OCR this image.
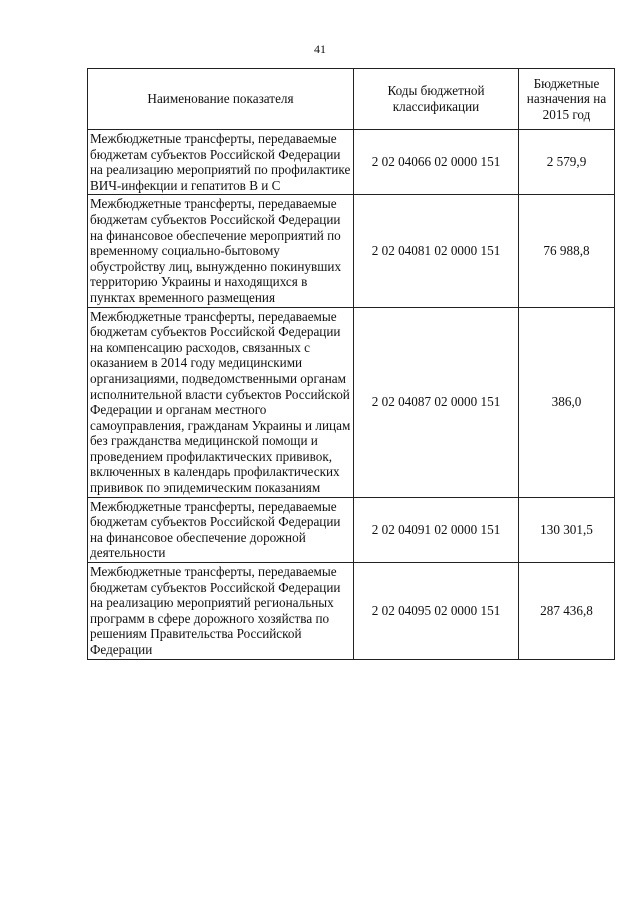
41
Наименование показателя	Коды бюджетной классификации	Бюджетные назначения на 2015 год
Межбюджетные трансферты, передаваемые бюджетам субъектов Российской Федерации на реализацию мероприятий по профилактике ВИЧ-инфекции и гепатитов B и C	2 02 04066 02 0000 151	2 579,9
Межбюджетные трансферты, передаваемые бюджетам субъектов Российской Федерации на финансовое обеспечение мероприятий по временному социально-бытовому обустройству лиц, вынужденно покинувших территорию Украины и находящихся в пунктах временного размещения	2 02 04081 02 0000 151	76 988,8
Межбюджетные трансферты, передаваемые бюджетам субъектов Российской Федерации на компенсацию расходов, связанных с оказанием в 2014 году медицинскими организациями, подведомственными органам исполнительной власти субъектов Российской Федерации и органам местного самоуправления, гражданам Украины и лицам без гражданства медицинской помощи и проведением профилактических прививок, включенных в календарь профилактических прививок по эпидемическим показаниям	2 02 04087 02 0000 151	386,0
Межбюджетные трансферты, передаваемые бюджетам субъектов Российской Федерации на финансовое обеспечение дорожной деятельности	2 02 04091 02 0000 151	130 301,5
Межбюджетные трансферты, передаваемые бюджетам субъектов Российской Федерации на реализацию мероприятий региональных программ в сфере дорожного хозяйства по решениям Правительства Российской Федерации	2 02 04095 02 0000 151	287 436,8
